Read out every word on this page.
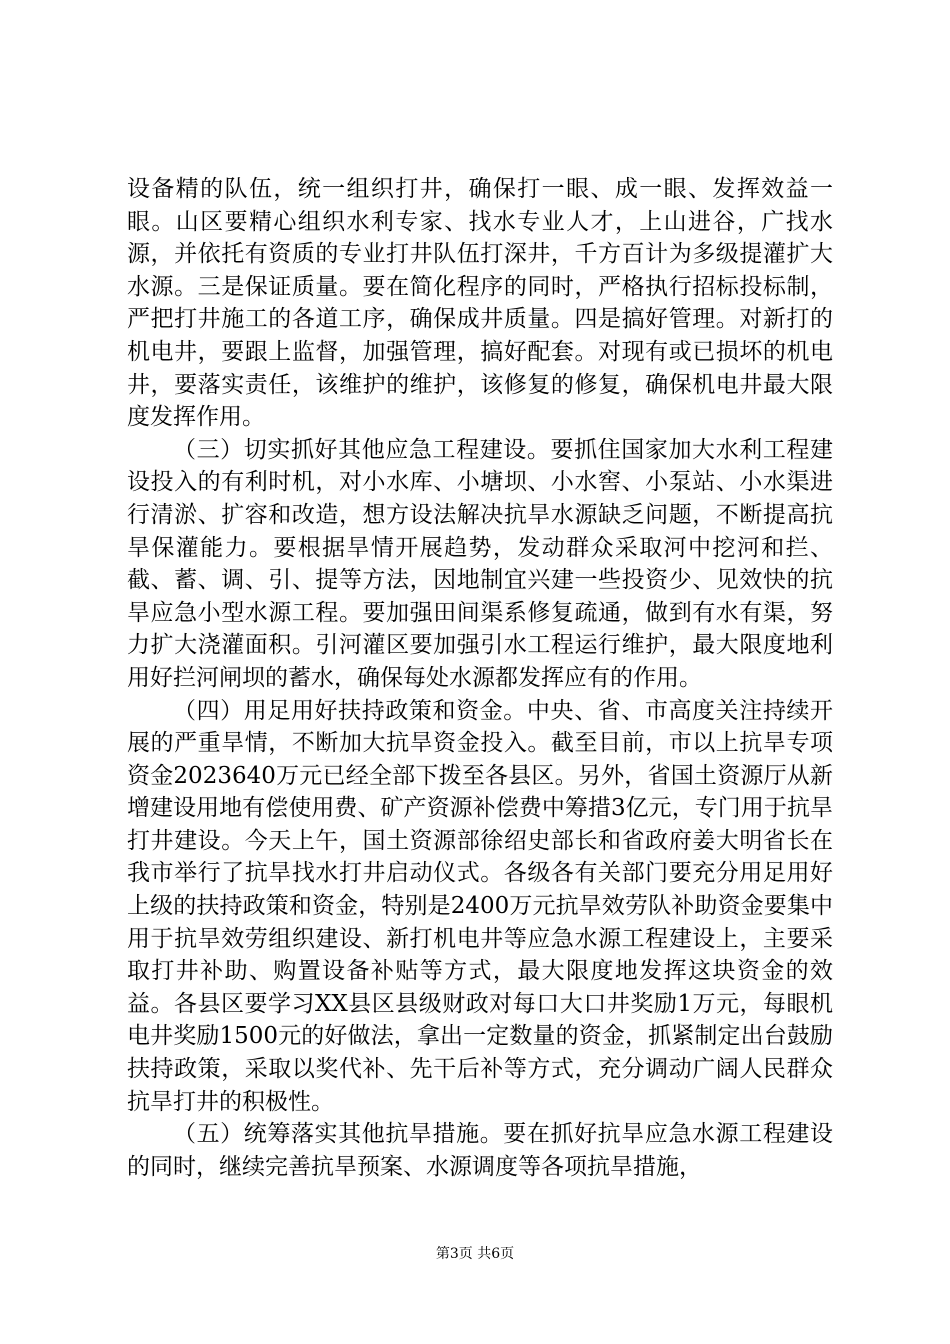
设备精的队伍，统一组织打井，确保打一眼、成一眼、发挥效益一眼。山区要精心组织水利专家、找水专业人才，上山进谷，广找水源，并依托有资质的专业打井队伍打深井，千方百计为多级提灌扩大水源。三是保证质量。要在简化程序的同时，严格执行招标投标制，严把打井施工的各道工序，确保成井质量。四是搞好管理。对新打的机电井，要跟上监督，加强管理，搞好配套。对现有或已损坏的机电井，要落实责任，该维护的维护，该修复的修复，确保机电井最大限度发挥作用。

（三）切实抓好其他应急工程建设。要抓住国家加大水利工程建设投入的有利时机，对小水库、小塘坝、小水窖、小泵站、小水渠进行清淤、扩容和改造，想方设法解决抗旱水源缺乏问题，不断提高抗旱保灌能力。要根据旱情开展趋势，发动群众采取河中挖河和拦、截、蓄、调、引、提等方法，因地制宜兴建一些投资少、见效快的抗旱应急小型水源工程。要加强田间渠系修复疏通，做到有水有渠，努力扩大浇灌面积。引河灌区要加强引水工程运行维护，最大限度地利用好拦河闸坝的蓄水，确保每处水源都发挥应有的作用。

（四）用足用好扶持政策和资金。中央、省、市高度关注持续开展的严重旱情，不断加大抗旱资金投入。截至目前，市以上抗旱专项资金2023640万元已经全部下拨至各县区。另外，省国土资源厅从新增建设用地有偿使用费、矿产资源补偿费中筹措3亿元，专门用于抗旱打井建设。今天上午，国土资源部徐绍史部长和省政府姜大明省长在我市举行了抗旱找水打井启动仪式。各级各有关部门要充分用足用好上级的扶持政策和资金，特别是2400万元抗旱效劳队补助资金要集中用于抗旱效劳组织建设、新打机电井等应急水源工程建设上，主要采取打井补助、购置设备补贴等方式，最大限度地发挥这块资金的效益。各县区要学习XX县区县级财政对每口大口井奖励1万元，每眼机电井奖励1500元的好做法，拿出一定数量的资金，抓紧制定出台鼓励扶持政策，采取以奖代补、先干后补等方式，充分调动广阔人民群众抗旱打井的积极性。

（五）统筹落实其他抗旱措施。要在抓好抗旱应急水源工程建设的同时，继续完善抗旱预案、水源调度等各项抗旱措施，

第3页 共6页
